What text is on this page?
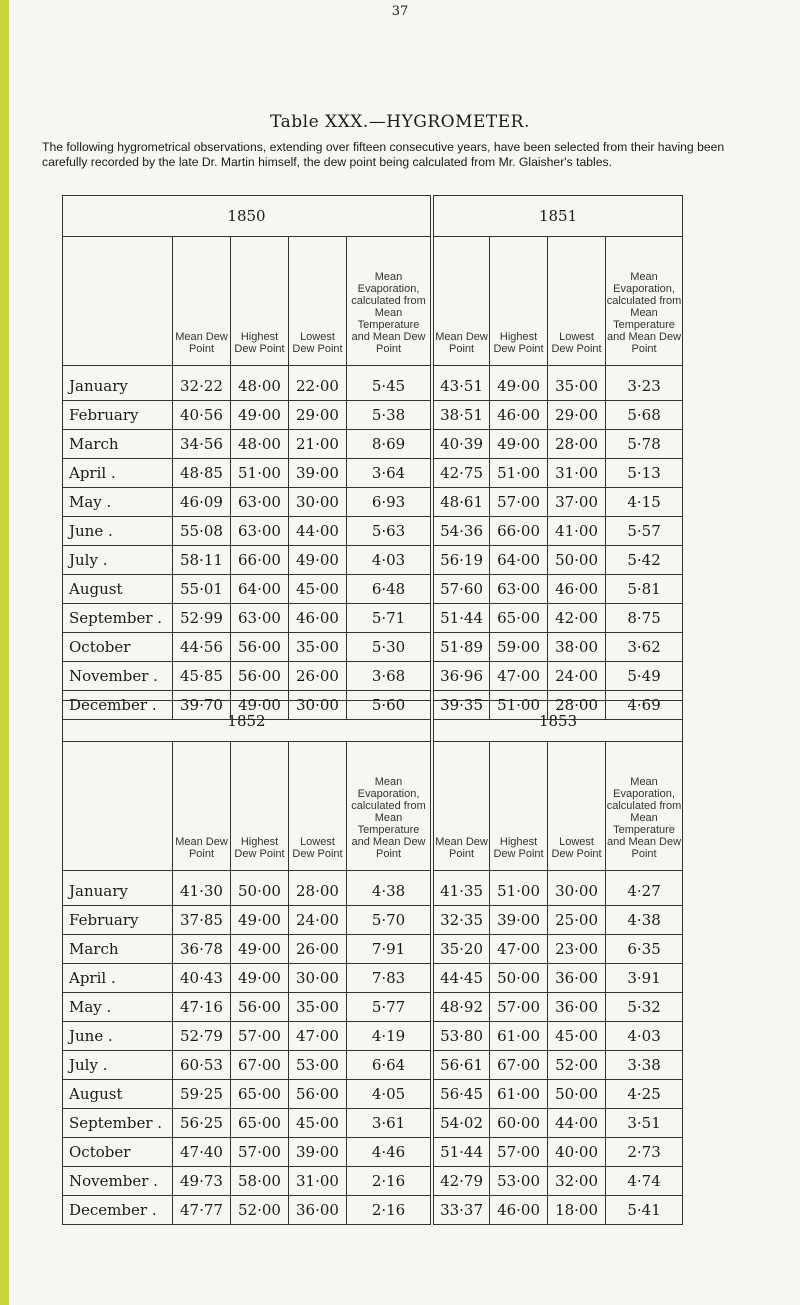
37
Table XXX.—HYGROMETER.

The following hygrometrical observations, extending over fifteen consecutive years, have been selected from their having been carefully recorded by the late Dr. Martin himself, the dew point being calculated from Mr. Glaisher's tables.

1850						1851			
	Mean Dew Point	Highest Dew Point	Lowest Dew Point	Mean Evaporation, calculated from Mean Temperature and Mean Dew Point		Mean Dew Point	Highest Dew Point	Lowest Dew Point	Mean Evaporation, calculated from Mean Temperature and Mean Dew Point
January	32·22	48·00	22·00	5·45		43·51	49·00	35·00	3·23
February	40·56	49·00	29·00	5·38		38·51	46·00	29·00	5·68
March	34·56	48·00	21·00	8·69		40·39	49·00	28·00	5·78
April .	48·85	51·00	39·00	3·64		42·75	51·00	31·00	5·13
May .	46·09	63·00	30·00	6·93		48·61	57·00	37·00	4·15
June .	55·08	63·00	44·00	5·63		54·36	66·00	41·00	5·57
July .	58·11	66·00	49·00	4·03		56·19	64·00	50·00	5·42
August	55·01	64·00	45·00	6·48		57·60	63·00	46·00	5·81
September .	52·99	63·00	46·00	5·71		51·44	65·00	42·00	8·75
October	44·56	56·00	35·00	5·30		51·89	59·00	38·00	3·62
November .	45·85	56·00	26·00	3·68		36·96	47·00	24·00	5·49
December .	39·70	49·00	30·00	5·60		39·35	51·00	28·00	4·69
1852						1853			
	Mean Dew Point	Highest Dew Point	Lowest Dew Point	Mean Evaporation, calculated from Mean Temperature and Mean Dew Point		Mean Dew Point	Highest Dew Point	Lowest Dew Point	Mean Evaporation, calculated from Mean Temperature and Mean Dew Point
January	41·30	50·00	28·00	4·38		41·35	51·00	30·00	4·27
February	37·85	49·00	24·00	5·70		32·35	39·00	25·00	4·38
March	36·78	49·00	26·00	7·91		35·20	47·00	23·00	6·35
April .	40·43	49·00	30·00	7·83		44·45	50·00	36·00	3·91
May .	47·16	56·00	35·00	5·77		48·92	57·00	36·00	5·32
June .	52·79	57·00	47·00	4·19		53·80	61·00	45·00	4·03
July .	60·53	67·00	53·00	6·64		56·61	67·00	52·00	3·38
August	59·25	65·00	56·00	4·05		56·45	61·00	50·00	4·25
September .	56·25	65·00	45·00	3·61		54·02	60·00	44·00	3·51
October	47·40	57·00	39·00	4·46		51·44	57·00	40·00	2·73
November .	49·73	58·00	31·00	2·16		42·79	53·00	32·00	4·74
December .	47·77	52·00	36·00	2·16		33·37	46·00	18·00	5·41
